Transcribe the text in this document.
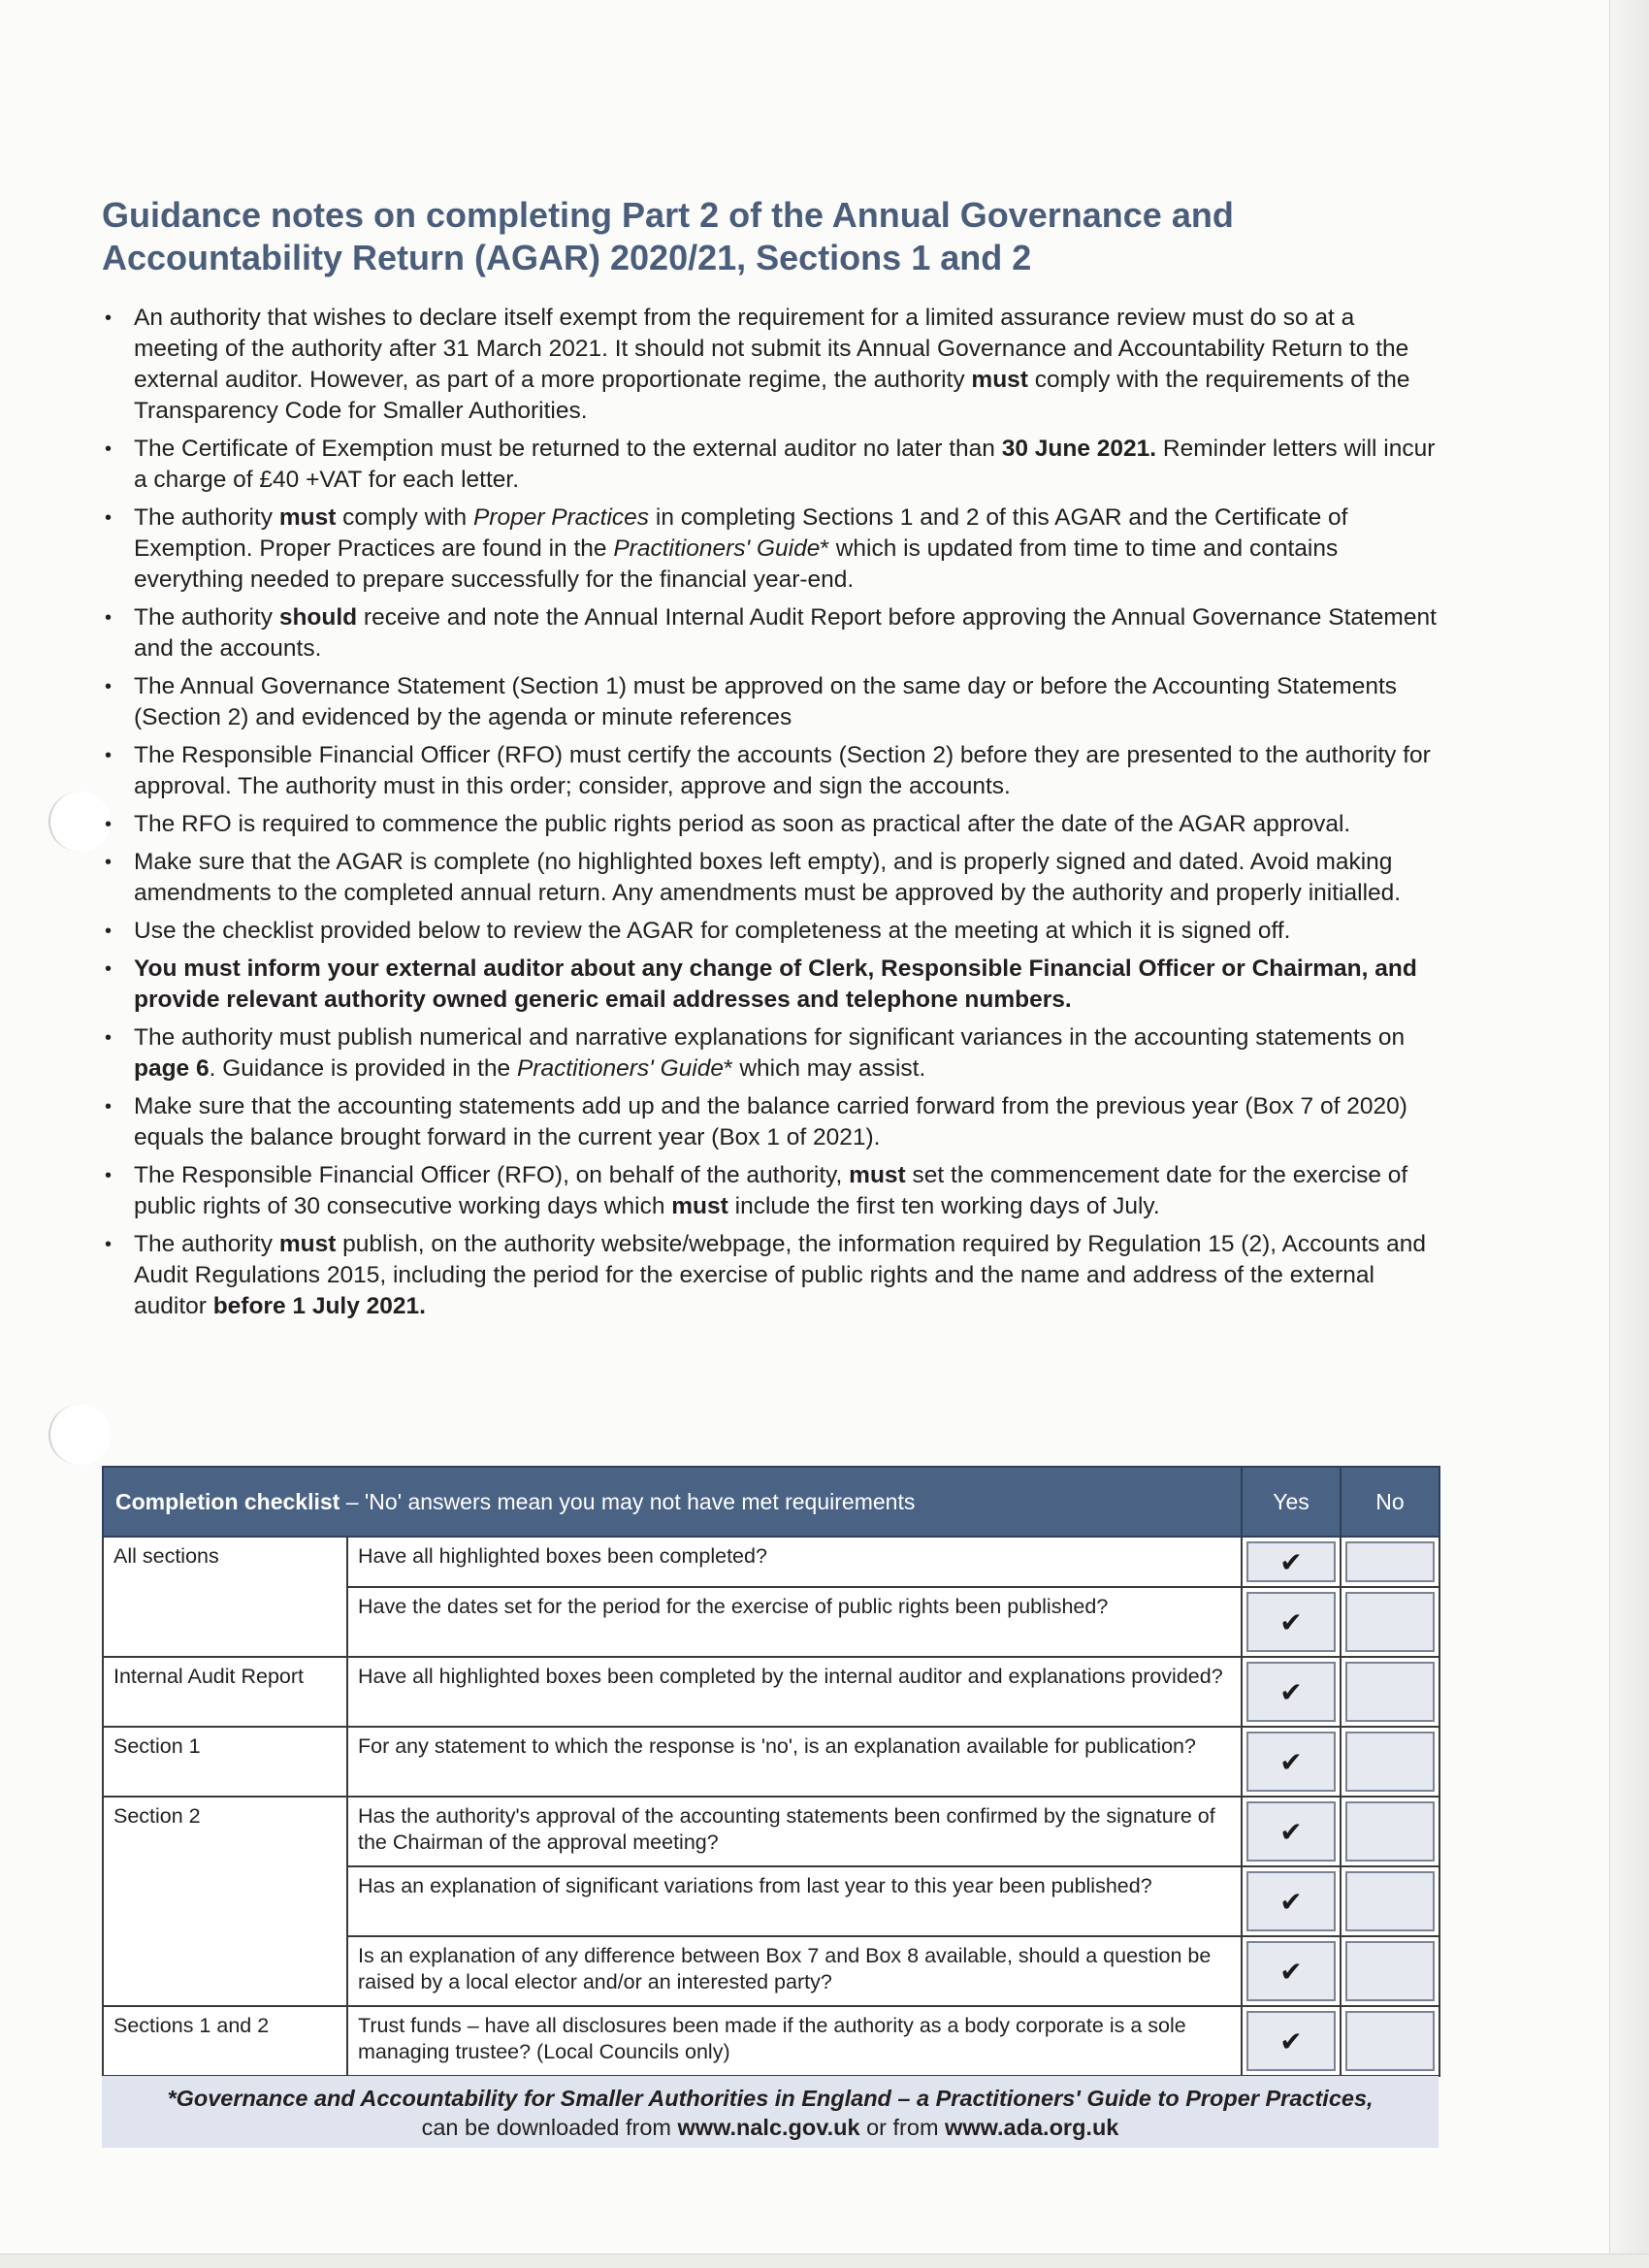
Guidance notes on completing Part 2 of the Annual Governance and
Accountability Return (AGAR) 2020/21, Sections 1 and 2
• An authority that wishes to declare itself exempt from the requirement for a limited assurance review must do so at a meeting of the authority after 31 March 2021. It should not submit its Annual Governance and Accountability Return to the external auditor. However, as part of a more proportionate regime, the authority must comply with the requirements of the Transparency Code for Smaller Authorities.
• The Certificate of Exemption must be returned to the external auditor no later than 30 June 2021. Reminder letters will incur a charge of £40 +VAT for each letter.
• The authority must comply with Proper Practices in completing Sections 1 and 2 of this AGAR and the Certificate of Exemption. Proper Practices are found in the Practitioners' Guide* which is updated from time to time and contains everything needed to prepare successfully for the financial year-end.
• The authority should receive and note the Annual Internal Audit Report before approving the Annual Governance Statement and the accounts.
• The Annual Governance Statement (Section 1) must be approved on the same day or before the Accounting Statements (Section 2) and evidenced by the agenda or minute references
• The Responsible Financial Officer (RFO) must certify the accounts (Section 2) before they are presented to the authority for approval. The authority must in this order; consider, approve and sign the accounts.
• The RFO is required to commence the public rights period as soon as practical after the date of the AGAR approval.
• Make sure that the AGAR is complete (no highlighted boxes left empty), and is properly signed and dated. Avoid making amendments to the completed annual return. Any amendments must be approved by the authority and properly initialled.
• Use the checklist provided below to review the AGAR for completeness at the meeting at which it is signed off.
• You must inform your external auditor about any change of Clerk, Responsible Financial Officer or Chairman, and provide relevant authority owned generic email addresses and telephone numbers.
• The authority must publish numerical and narrative explanations for significant variances in the accounting statements on page 6. Guidance is provided in the Practitioners' Guide* which may assist.
• Make sure that the accounting statements add up and the balance carried forward from the previous year (Box 7 of 2020) equals the balance brought forward in the current year (Box 1 of 2021).
• The Responsible Financial Officer (RFO), on behalf of the authority, must set the commencement date for the exercise of public rights of 30 consecutive working days which must include the first ten working days of July.
• The authority must publish, on the authority website/webpage, the information required by Regulation 15 (2), Accounts and Audit Regulations 2015, including the period for the exercise of public rights and the name and address of the external auditor before 1 July 2021.
Completion checklist – 'No' answers mean you may not have met requirements		Yes	No
All sections	Have all highlighted boxes been completed?	✔	

	Have the dates set for the period for the exercise of public rights been published?	✔	

Internal Audit Report	Have all highlighted boxes been completed by the internal auditor and explanations provided?	✔	

Section 1	For any statement to which the response is 'no', is an explanation available for publication?	✔	

Section 2	Has the authority's approval of the accounting statements been confirmed by the signature of the Chairman of the approval meeting?	✔	

	Has an explanation of significant variations from last year to this year been published?	✔	

	Is an explanation of any difference between Box 7 and Box 8 available, should a question be raised by a local elector and/or an interested party?	✔	

Sections 1 and 2	Trust funds – have all disclosures been made if the authority as a body corporate is a sole managing trustee? (Local Councils only)	✔	

*Governance and Accountability for Smaller Authorities in England – a Practitioners' Guide to Proper Practices,
can be downloaded from www.nalc.gov.uk or from www.ada.org.uk
